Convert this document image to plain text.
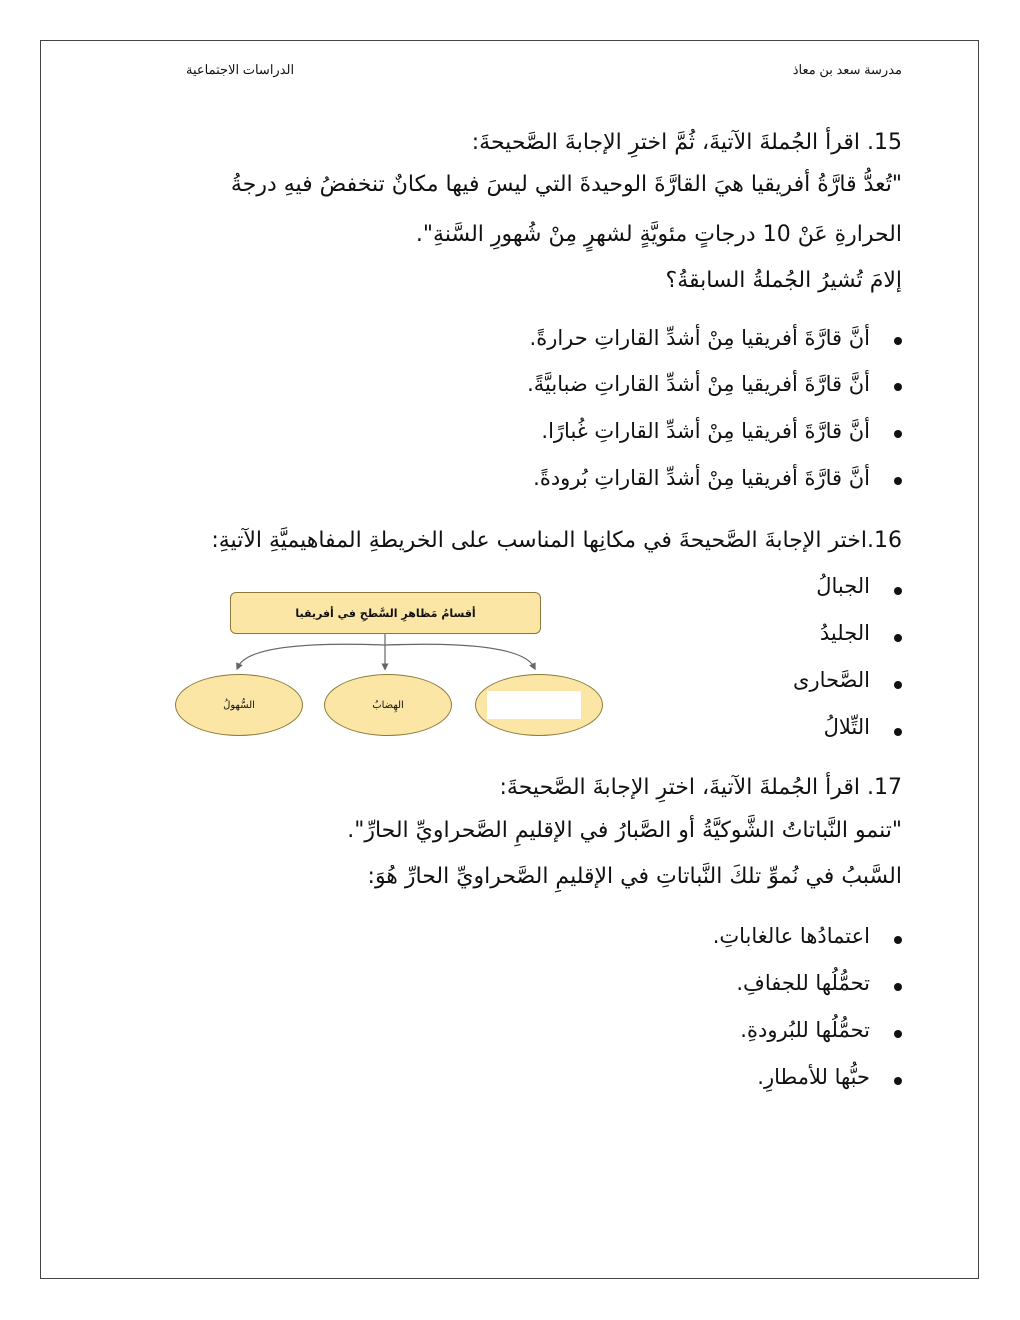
مدرسة سعد بن معاذ
الدراسات الاجتماعية
15. اقرأ الجُملةَ الآتيةَ، ثُمَّ اخترِ الإجابةَ الصَّحيحةَ:
"تُعدُّ قارَّةُ أفريقيا هيَ القارَّةَ الوحيدةَ التي ليسَ فيها مكانٌ تنخفضُ فيهِ درجةُ
الحرارةِ عَنْ 10 درجاتٍ مئويَّةٍ لشهرٍ مِنْ شُهورِ السَّنةِ".
إلامَ تُشيرُ الجُملةُ السابقةُ؟
أنَّ قارَّةَ أفريقيا مِنْ أشدِّ القاراتِ حرارةً.
أنَّ قارَّةَ أفريقيا مِنْ أشدِّ القاراتِ ضبابيَّةً.
أنَّ قارَّةَ أفريقيا مِنْ أشدِّ القاراتِ غُبارًا.
أنَّ قارَّةَ أفريقيا مِنْ أشدِّ القاراتِ بُرودةً.
16.اختر الإجابةَ الصَّحيحةَ في مكانِها المناسب على الخريطةِ المفاهيميَّةِ الآتيةِ:
الجبالُ
الجليدُ
الصَّحارى
التِّلالُ
أقسامُ مَظاهرِ السَّطحِ في أفريقيا
السُّهولُ	الهِضابُ
17. اقرأ الجُملةَ الآتيةَ، اخترِ الإجابةَ الصَّحيحةَ:
"تنمو النَّباتاتُ الشَّوكيَّةُ أو الصَّبارُ في الإقليمِ الصَّحراويِّ الحارِّ".
السَّببُ في نُموِّ تلكَ النَّباتاتِ في الإقليمِ الصَّحراويِّ الحارِّ هُوَ:
اعتمادُها عالغاباتِ.
تحمُّلُها للجفافِ.
تحمُّلُها للبُرودةِ.
حبُّها للأمطارِ.
